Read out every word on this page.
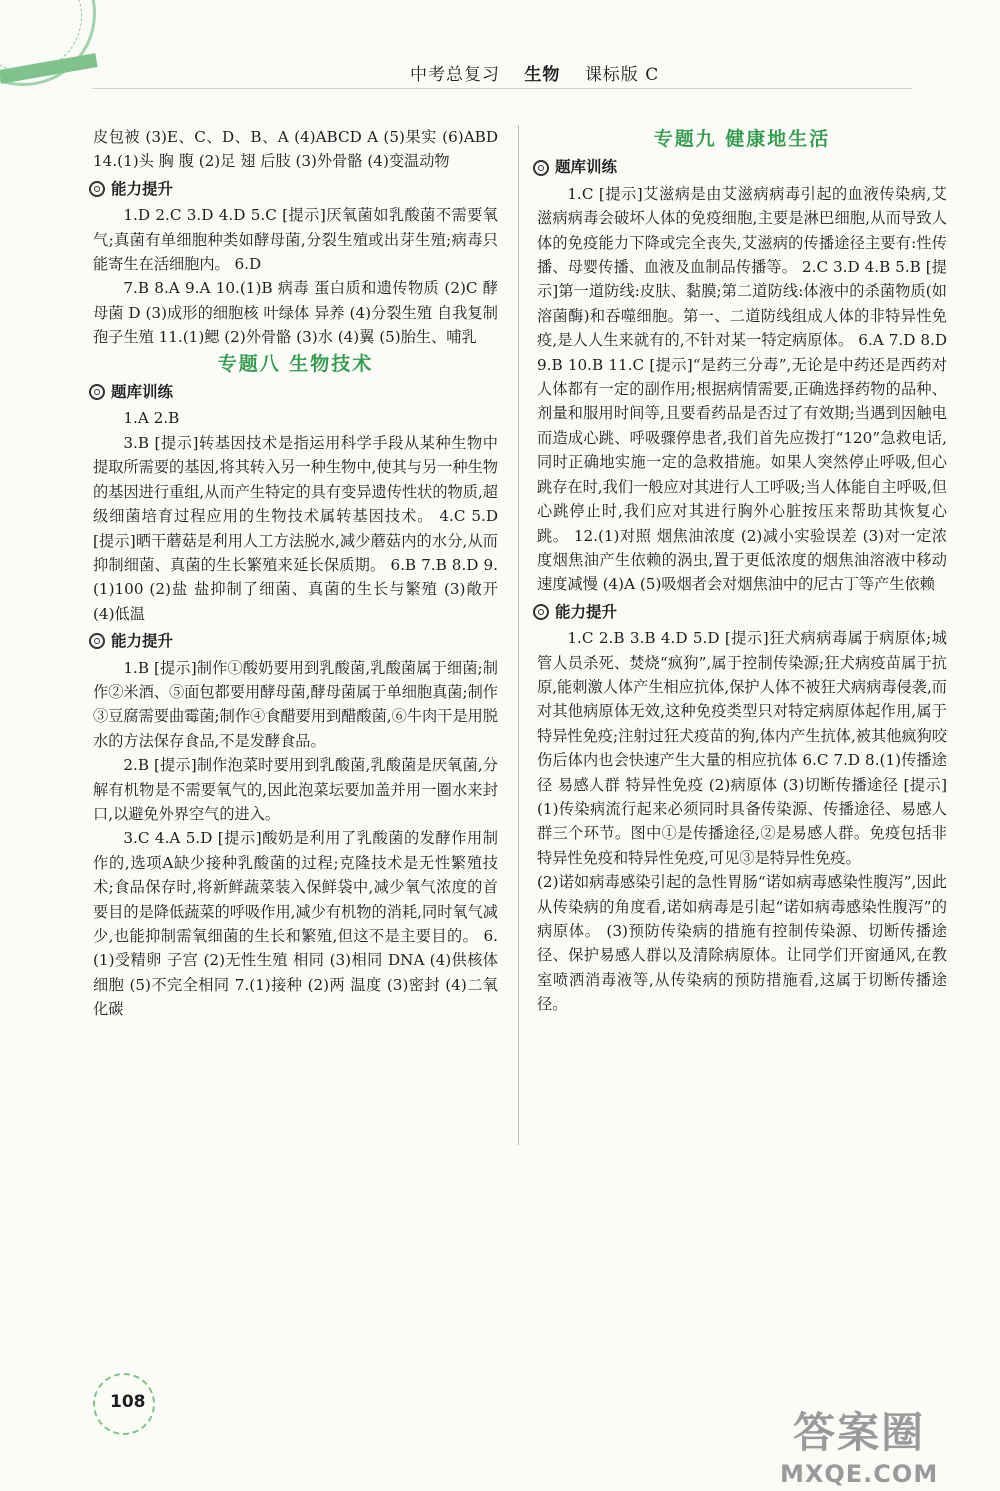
中考总复习 生物 课标版 C

皮包被 (3)E、C、D、B、A (4)ABCD A (5)果实 (6)ABD 14.(1)头 胸 腹 (2)足 翅 后肢 (3)外骨骼 (4)变温动物

能力提升

1.D 2.C 3.D 4.D 5.C [提示]厌氧菌如乳酸菌不需要氧气;真菌有单细胞种类如酵母菌,分裂生殖或出芽生殖;病毒只能寄生在活细胞内。 6.D

7.B 8.A 9.A 10.(1)B 病毒 蛋白质和遗传物质 (2)C 酵母菌 D (3)成形的细胞核 叶绿体 异养 (4)分裂生殖 自我复制 孢子生殖 11.(1)鳃 (2)外骨骼 (3)水 (4)翼 (5)胎生、哺乳

专题八 生物技术
题库训练

1.A 2.B

3.B [提示]转基因技术是指运用科学手段从某种生物中提取所需要的基因,将其转入另一种生物中,使其与另一种生物的基因进行重组,从而产生特定的具有变异遗传性状的物质,超级细菌培育过程应用的生物技术属转基因技术。 4.C 5.D [提示]晒干蘑菇是利用人工方法脱水,减少蘑菇内的水分,从而抑制细菌、真菌的生长繁殖来延长保质期。 6.B 7.B 8.D 9.(1)100 (2)盐 盐抑制了细菌、真菌的生长与繁殖 (3)敞开 (4)低温

能力提升

1.B [提示]制作①酸奶要用到乳酸菌,乳酸菌属于细菌;制作②米酒、⑤面包都要用酵母菌,酵母菌属于单细胞真菌;制作③豆腐需要曲霉菌;制作④食醋要用到醋酸菌,⑥牛肉干是用脱水的方法保存食品,不是发酵食品。

2.B [提示]制作泡菜时要用到乳酸菌,乳酸菌是厌氧菌,分解有机物是不需要氧气的,因此泡菜坛要加盖并用一圈水来封口,以避免外界空气的进入。

3.C 4.A 5.D [提示]酸奶是利用了乳酸菌的发酵作用制作的,选项A缺少接种乳酸菌的过程;克隆技术是无性繁殖技术;食品保存时,将新鲜蔬菜装入保鲜袋中,减少氧气浓度的首要目的是降低蔬菜的呼吸作用,减少有机物的消耗,同时氧气减少,也能抑制需氧细菌的生长和繁殖,但这不是主要目的。 6.(1)受精卵 子宫 (2)无性生殖 相同 (3)相同 DNA (4)供核体细胞 (5)不完全相同 7.(1)接种 (2)两 温度 (3)密封 (4)二氧化碳

专题九 健康地生活
题库训练

1.C [提示]艾滋病是由艾滋病病毒引起的血液传染病,艾滋病病毒会破坏人体的免疫细胞,主要是淋巴细胞,从而导致人体的免疫能力下降或完全丧失,艾滋病的传播途径主要有:性传播、母婴传播、血液及血制品传播等。 2.C 3.D 4.B 5.B [提示]第一道防线:皮肤、黏膜;第二道防线:体液中的杀菌物质(如溶菌酶)和吞噬细胞。第一、二道防线组成人体的非特异性免疫,是人人生来就有的,不针对某一特定病原体。 6.A 7.D 8.D 9.B 10.B 11.C [提示]“是药三分毒”,无论是中药还是西药对人体都有一定的副作用;根据病情需要,正确选择药物的品种、剂量和服用时间等,且要看药品是否过了有效期;当遇到因触电而造成心跳、呼吸骤停患者,我们首先应拨打“120”急救电话,同时正确地实施一定的急救措施。如果人突然停止呼吸,但心跳存在时,我们一般应对其进行人工呼吸;当人体能自主呼吸,但心跳停止时,我们应对其进行胸外心脏按压来帮助其恢复心跳。 12.(1)对照 烟焦油浓度 (2)减小实验误差 (3)对一定浓度烟焦油产生依赖的涡虫,置于更低浓度的烟焦油溶液中移动速度减慢 (4)A (5)吸烟者会对烟焦油中的尼古丁等产生依赖

能力提升

1.C 2.B 3.B 4.D 5.D [提示]狂犬病病毒属于病原体;城管人员杀死、焚烧“疯狗”,属于控制传染源;狂犬病疫苗属于抗原,能刺激人体产生相应抗体,保护人体不被狂犬病病毒侵袭,而对其他病原体无效,这种免疫类型只对特定病原体起作用,属于特异性免疫;注射过狂犬疫苗的狗,体内产生抗体,被其他疯狗咬伤后体内也会快速产生大量的相应抗体 6.C 7.D 8.(1)传播途径 易感人群 特异性免疫 (2)病原体 (3)切断传播途径 [提示](1)传染病流行起来必须同时具备传染源、传播途径、易感人群三个环节。图中①是传播途径,②是易感人群。免疫包括非特异性免疫和特异性免疫,可见③是特异性免疫。

(2)诺如病毒感染引起的急性胃肠“诺如病毒感染性腹泻”,因此从传染病的角度看,诺如病毒是引起“诺如病毒感染性腹泻”的病原体。 (3)预防传染病的措施有控制传染源、切断传播途径、保护易感人群以及清除病原体。让同学们开窗通风,在教室喷洒消毒液等,从传染病的预防措施看,这属于切断传播途径。

108
答案圈
MXQE.COM
